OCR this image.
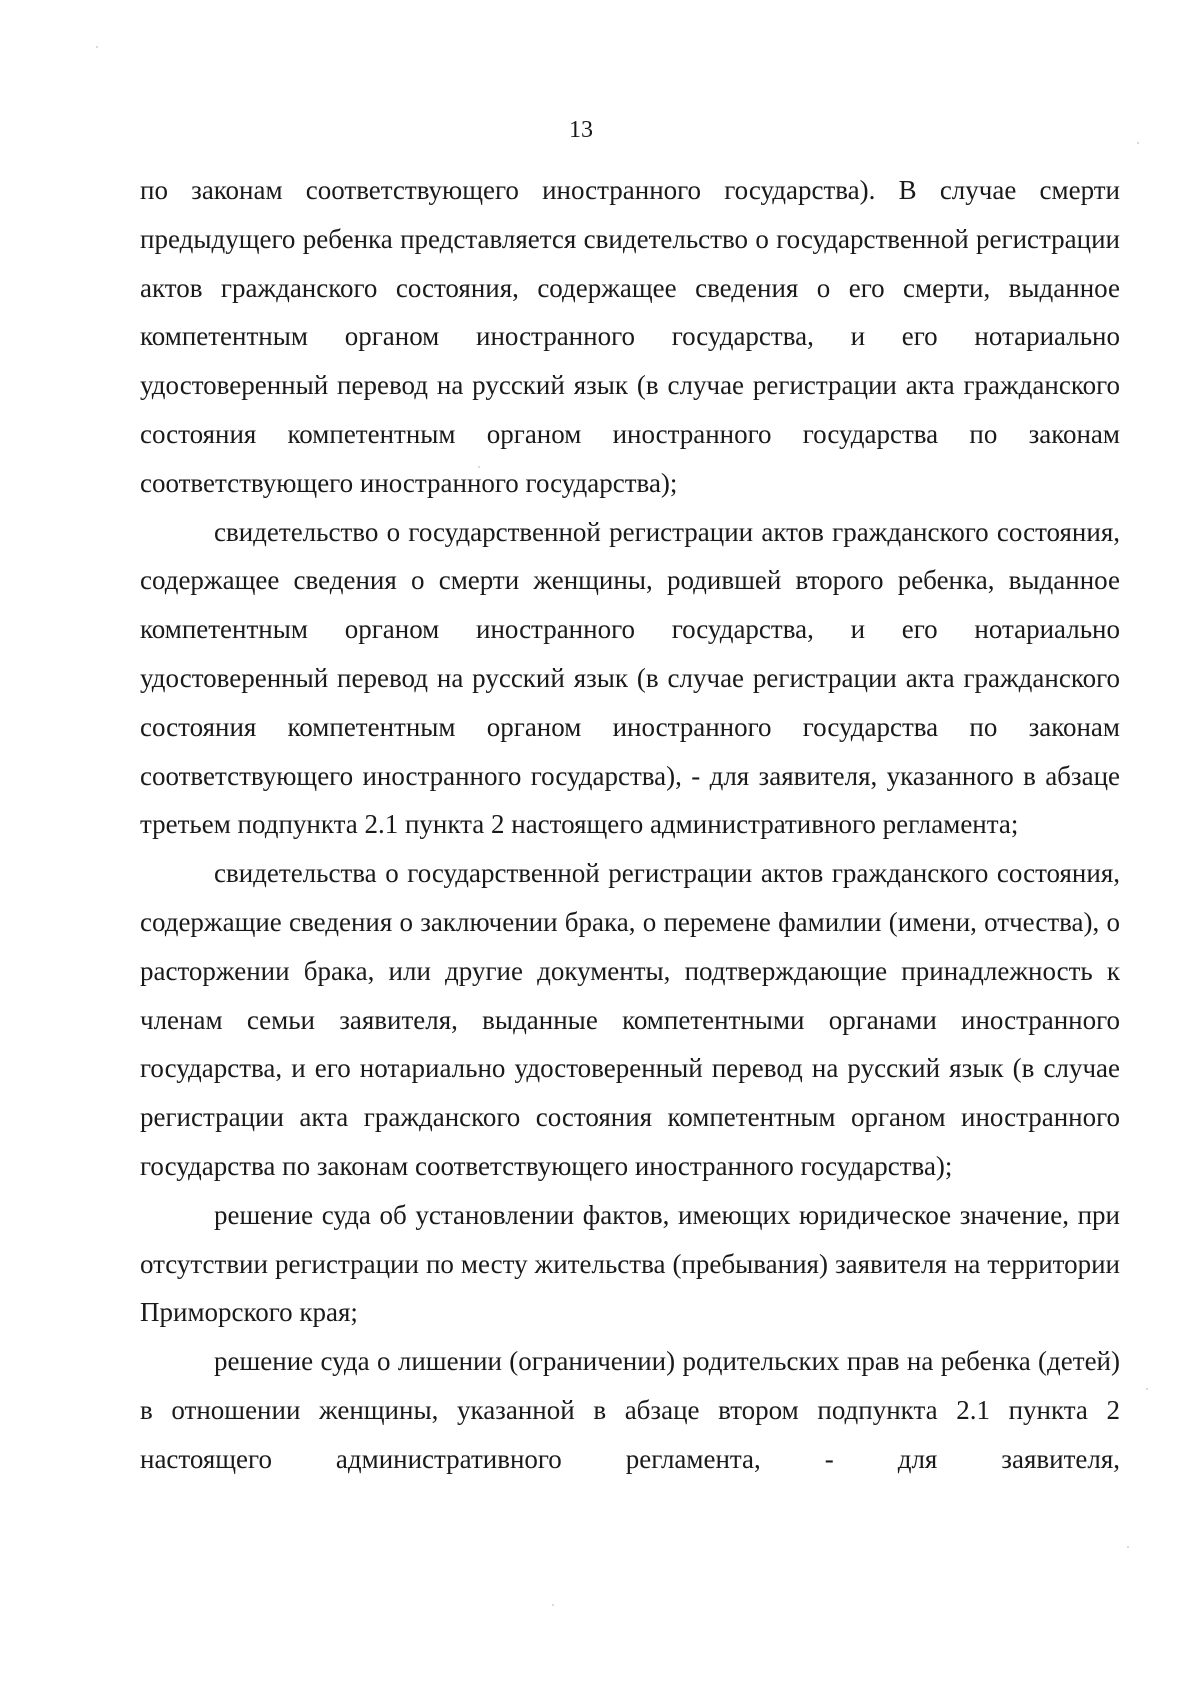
13

по законам соответствующего иностранного государства). В случае смерти предыдущего ребенка представляется свидетельство о государственной регистрации актов гражданского состояния, содержащее сведения о его смерти, выданное компетентным органом иностранного государства, и его нотариально удостоверенный перевод на русский язык (в случае регистрации акта гражданского состояния компетентным органом иностранного государства по законам соответствующего иностранного государства);

свидетельство о государственной регистрации актов гражданского состояния, содержащее сведения о смерти женщины, родившей второго ребенка, выданное компетентным органом иностранного государства, и его нотариально удостоверенный перевод на русский язык (в случае регистрации акта гражданского состояния компетентным органом иностранного государства по законам соответствующего иностранного государства), - для заявителя, указанного в абзаце третьем подпункта 2.1 пункта 2 настоящего административного регламента;

свидетельства о государственной регистрации актов гражданского состояния, содержащие сведения о заключении брака, о перемене фамилии (имени, отчества), о расторжении брака, или другие документы, подтверждающие принадлежность к членам семьи заявителя, выданные компетентными органами иностранного государства, и его нотариально удостоверенный перевод на русский язык (в случае регистрации акта гражданского состояния компетентным органом иностранного государства по законам соответствующего иностранного государства);

решение суда об установлении фактов, имеющих юридическое значение, при отсутствии регистрации по месту жительства (пребывания) заявителя на территории Приморского края;

решение суда о лишении (ограничении) родительских прав на ребенка (детей) в отношении женщины, указанной в абзаце втором подпункта 2.1 пункта 2 настоящего административного регламента, - для заявителя,
